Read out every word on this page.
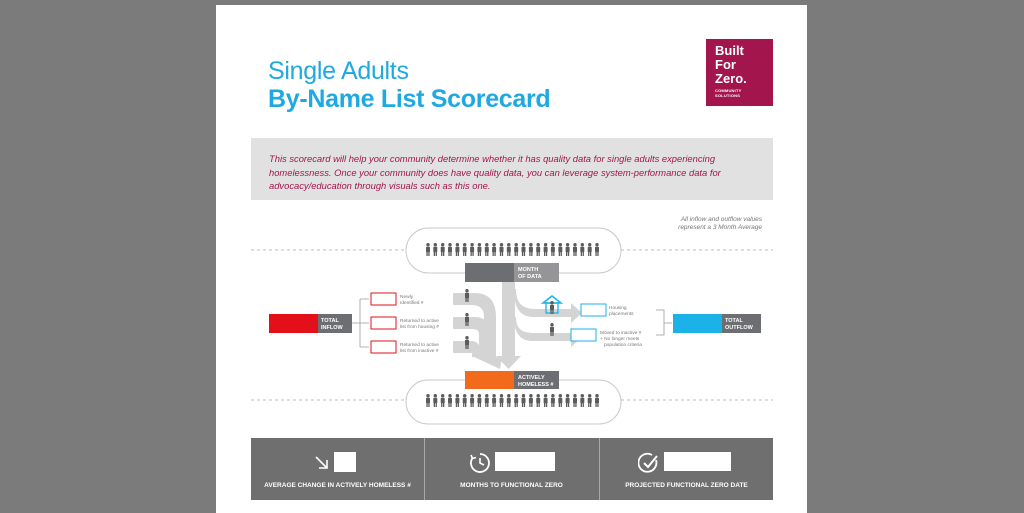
Single Adults
By-Name List Scorecard
Built
For
Zero.
COMMUNITY
SOLUTIONS
This scorecard will help your community determine whether it has quality data for single adults experiencing homelessness. Once your community does have quality data, you can leverage system-performance data for advocacy/education through visuals such as this one.
All inflow and outflow values
represent a 3 Month Average
MONTH
OF DATA
ACTIVELY
HOMELESS #
TOTAL
INFLOW
Newly
Identified #
Returned to active
list from housing #
Returned to active
list from inactive #
Housing
placements
Moved to inactive #
+ No longer meets
population criteria
TOTAL
OUTFLOW
AVERAGE CHANGE IN ACTIVELY HOMELESS #	MONTHS TO FUNCTIONAL ZERO	PROJECTED FUNCTIONAL ZERO DATE
